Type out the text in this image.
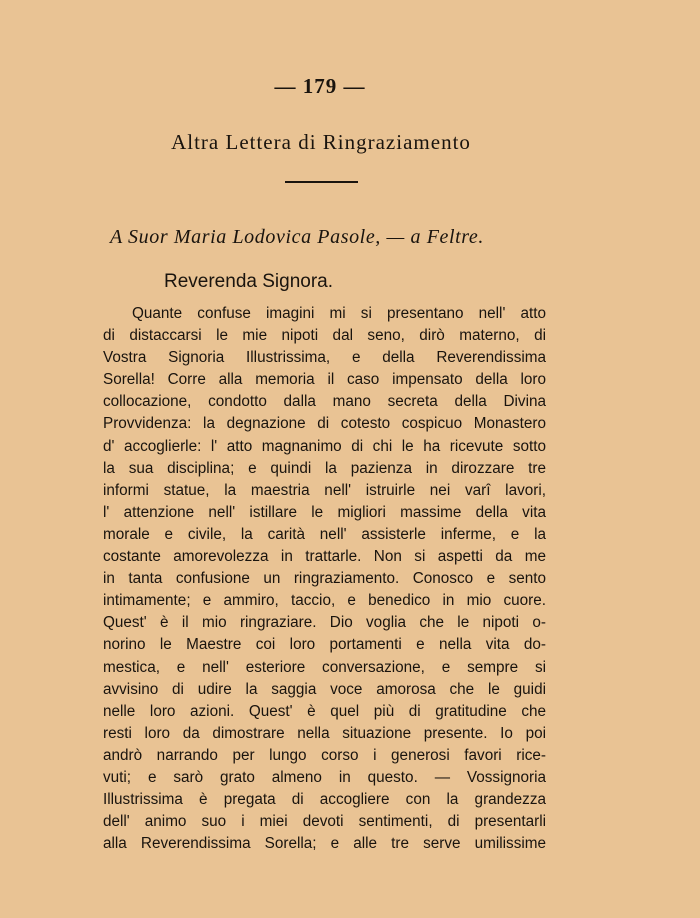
— 179 —
Altra Lettera di Ringraziamento
A Suor Maria Lodovica Pasole, — a Feltre.
Reverenda Signora.
Quante confuse imagini mi si presentano nell' atto
di distaccarsi le mie nipoti dal seno, dirò materno, di
Vostra Signoria Illustrissima, e della Reverendissima
Sorella! Corre alla memoria il caso impensato della loro
collocazione, condotto dalla mano secreta della Divina
Provvidenza: la degnazione di cotesto cospicuo Monastero
d' accoglierle: l' atto magnanimo di chi le ha ricevute sotto
la sua disciplina; e quindi la pazienza in dirozzare tre
informi statue, la maestria nell' istruirle nei varî lavori,
l' attenzione nell' istillare le migliori massime della vita
morale e civile, la carità nell' assisterle inferme, e la
costante amorevolezza in trattarle. Non si aspetti da me
in tanta confusione un ringraziamento. Conosco e sento
intimamente; e ammiro, taccio, e benedico in mio cuore.
Quest' è il mio ringraziare. Dio voglia che le nipoti o-
norino le Maestre coi loro portamenti e nella vita do-
mestica, e nell' esteriore conversazione, e sempre si
avvisino di udire la saggia voce amorosa che le guidi
nelle loro azioni. Quest' è quel più di gratitudine che
resti loro da dimostrare nella situazione presente. Io poi
andrò narrando per lungo corso i generosi favori rice-
vuti; e sarò grato almeno in questo. — Vossignoria
Illustrissima è pregata di accogliere con la grandezza
dell' animo suo i miei devoti sentimenti, di presentarli
alla Reverendissima Sorella; e alle tre serve umilissime
